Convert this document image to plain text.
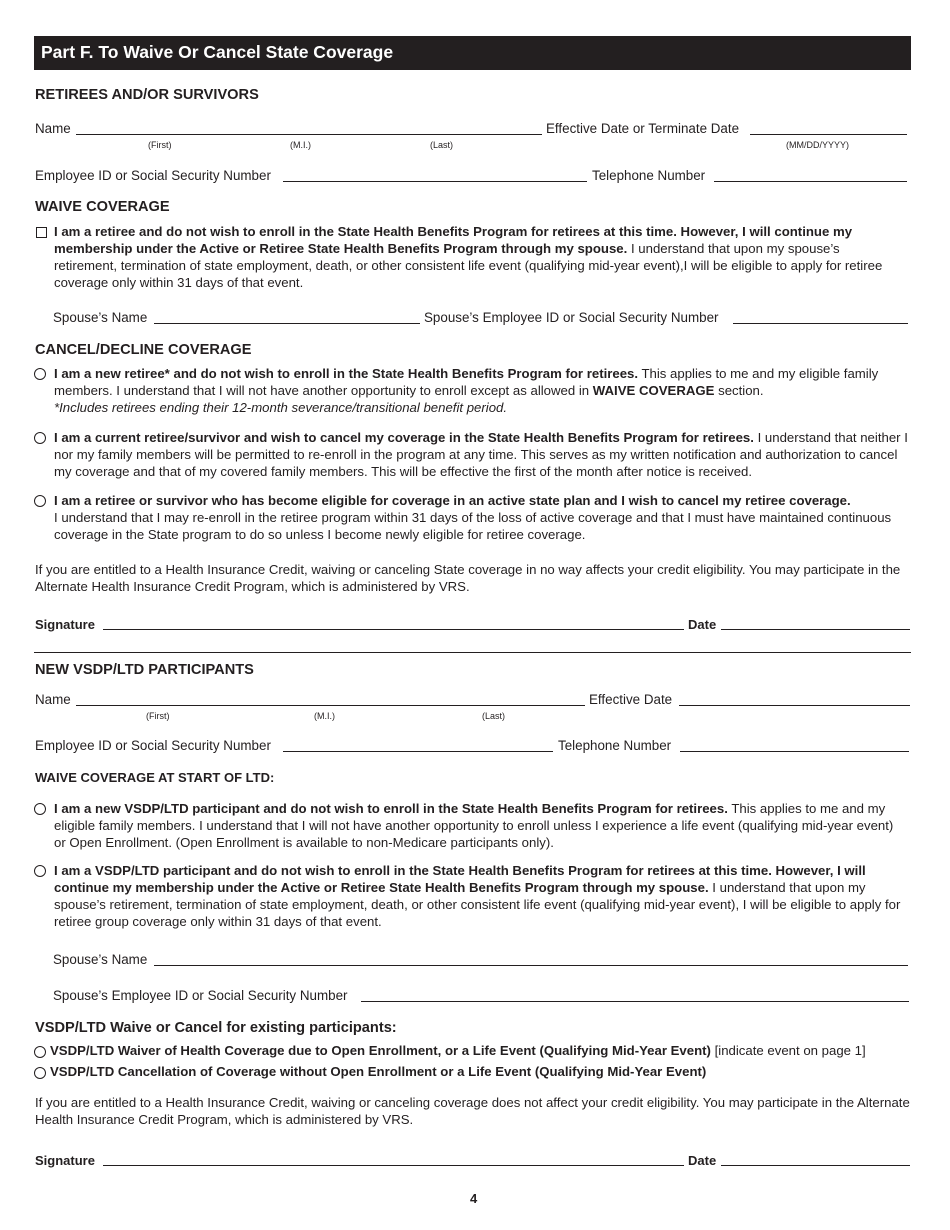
Part F. To Waive Or Cancel State Coverage
RETIREES AND/OR SURVIVORS
Name
(First)	(M.I.)	(Last)
Effective Date or Terminate Date
(MM/DD/YYYY)
Employee ID or Social Security Number	Telephone Number
WAIVE COVERAGE
I am a retiree and do not wish to enroll in the State Health Benefits Program for retirees at this time. However, I will continue my membership under the Active or Retiree State Health Benefits Program through my spouse. I understand that upon my spouse’s retirement, termination of state employment, death, or other consistent life event (qualifying mid-year event),I will be eligible to apply for retiree coverage only within 31 days of that event.
Spouse’s Name	Spouse’s Employee ID or Social Security Number
CANCEL/DECLINE COVERAGE
I am a new retiree* and do not wish to enroll in the State Health Benefits Program for retirees. This applies to me and my eligible family members. I understand that I will not have another opportunity to enroll except as allowed in WAIVE COVERAGE section.
*Includes retirees ending their 12-month severance/transitional benefit period.
I am a current retiree/survivor and wish to cancel my coverage in the State Health Benefits Program for retirees. I understand that neither I nor my family members will be permitted to re-enroll in the program at any time. This serves as my written notification and authorization to cancel my coverage and that of my covered family members. This will be effective the first of the month after notice is received.
I am a retiree or survivor who has become eligible for coverage in an active state plan and I wish to cancel my retiree coverage.
I understand that I may re-enroll in the retiree program within 31 days of the loss of active coverage and that I must have maintained continuous coverage in the State program to do so unless I become newly eligible for retiree coverage.
If you are entitled to a Health Insurance Credit, waiving or canceling State coverage in no way affects your credit eligibility. You may participate in the Alternate Health Insurance Credit Program, which is administered by VRS.
Signature	Date
NEW VSDP/LTD PARTICIPANTS
Name
(First)	(M.I.)	(Last)
Effective Date
Employee ID or Social Security Number	Telephone Number
WAIVE COVERAGE AT START OF LTD:
I am a new VSDP/LTD participant and do not wish to enroll in the State Health Benefits Program for retirees. This applies to me and my eligible family members. I understand that I will not have another opportunity to enroll unless I experience a life event (qualifying mid-year event) or Open Enrollment. (Open Enrollment is available to non-Medicare participants only).
I am a VSDP/LTD participant and do not wish to enroll in the State Health Benefits Program for retirees at this time. However, I will continue my membership under the Active or Retiree State Health Benefits Program through my spouse. I understand that upon my spouse’s retirement, termination of state employment, death, or other consistent life event (qualifying mid-year event), I will be eligible to apply for retiree group coverage only within 31 days of that event.
Spouse’s Name
Spouse’s Employee ID or Social Security Number
VSDP/LTD Waive or Cancel for existing participants:
VSDP/LTD Waiver of Health Coverage due to Open Enrollment, or a Life Event (Qualifying Mid-Year Event) [indicate event on page 1]
VSDP/LTD Cancellation of Coverage without Open Enrollment or a Life Event (Qualifying Mid-Year Event)
If you are entitled to a Health Insurance Credit, waiving or canceling coverage does not affect your credit eligibility. You may participate in the Alternate Health Insurance Credit Program, which is administered by VRS.
Signature	Date
4
